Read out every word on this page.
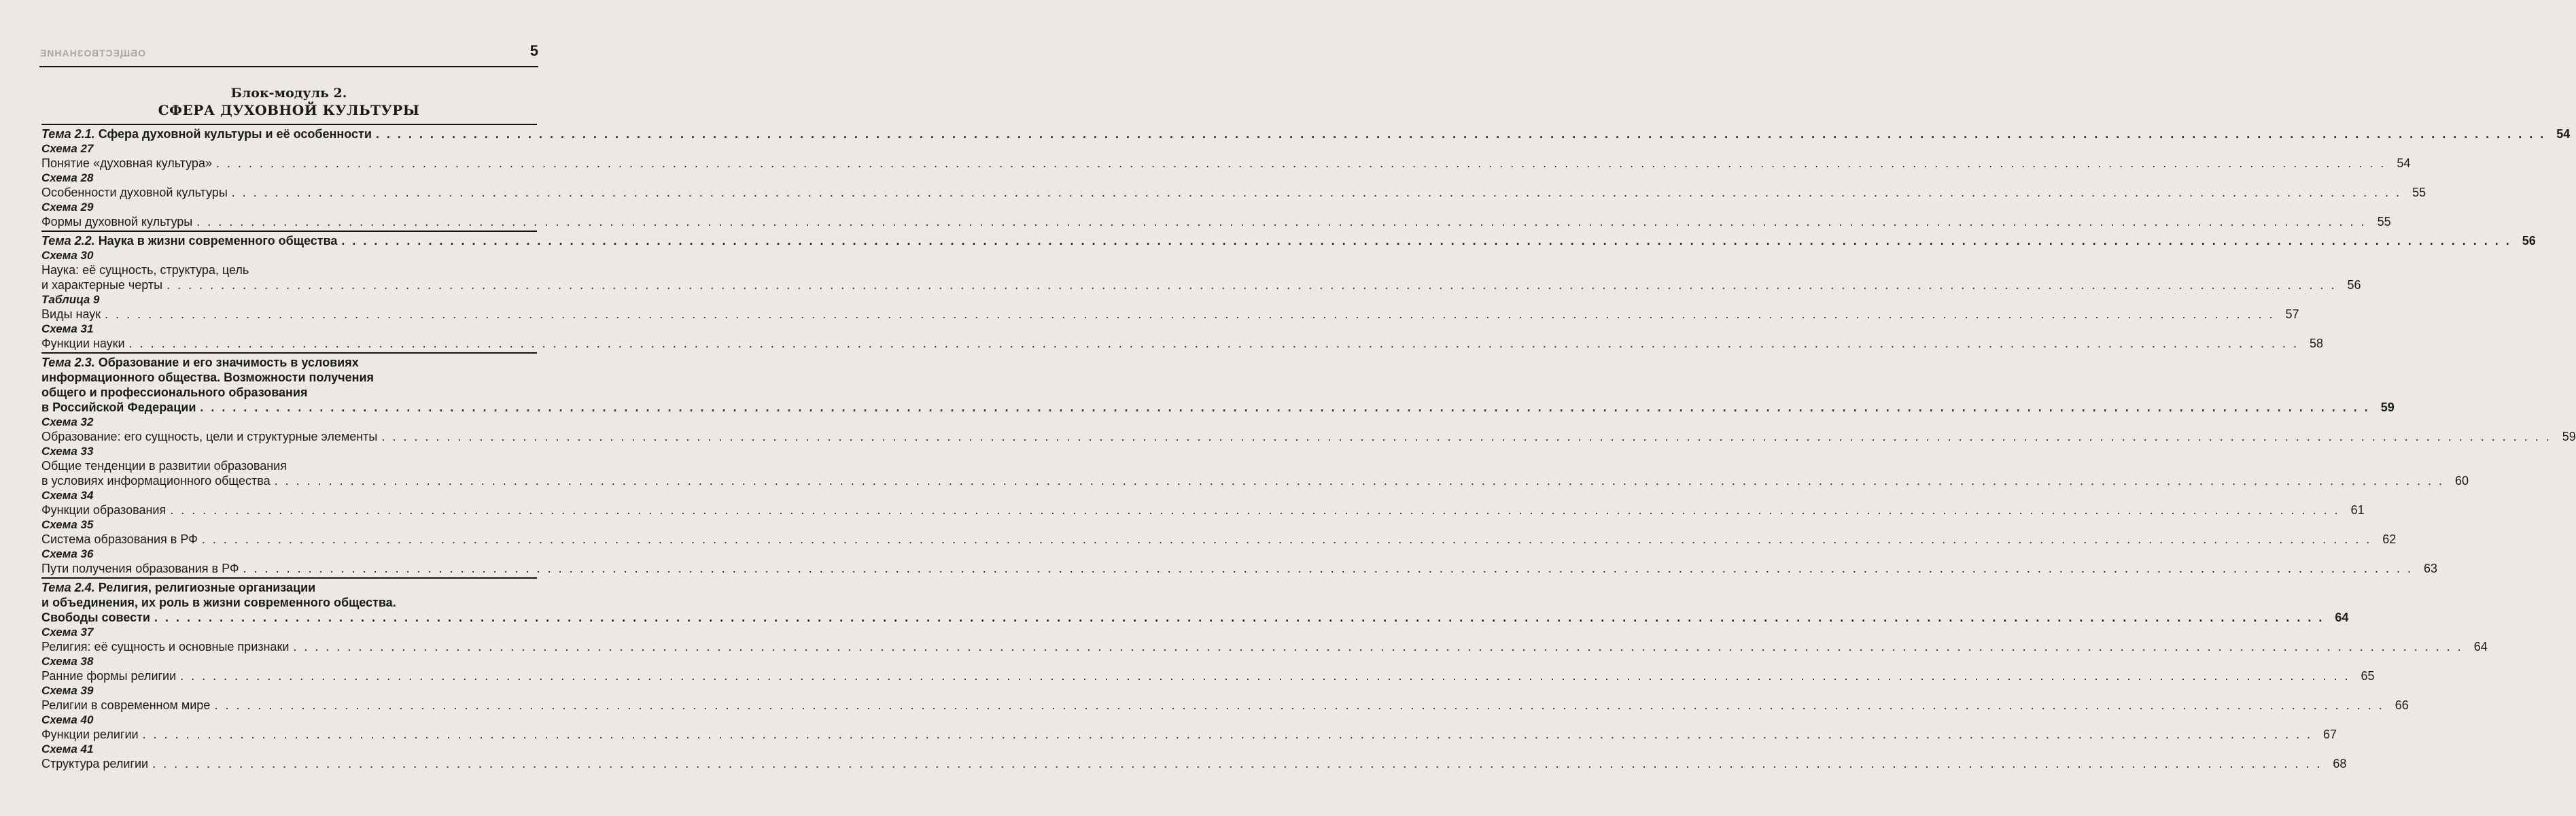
ОБЩЕСТВОЗНАНИЕ	5
Блок-модуль 2.
СФЕРА ДУХОВНОЙ КУЛЬТУРЫ
Тема 2.1. Сфера духовной культуры и её особенности . . . . . . . . . . . . . . . . . . . . . . . . . . . . . . . . . . . . . . . . . . . . . . . . . . . . . . . . . . . . . . . . . . . . . . . . . . . . . . . . . . . . . . . . . . . . . . . . . . . . . . . . . . . . . . . . . . . . . . . . . . . . . . . . . . . . . . . . . . . . . . . . . . . . . . . . . . . . . . . . . . . . . . . . . . . . . . . . . . . . . . . . . . . . . . . . . . . . . . . . 54
Схема 27
Понятие «духовная культура» . . . . . . . . . . . . . . . . . . . . . . . . . . . . . . . . . . . . . . . . . . . . . . . . . . . . . . . . . . . . . . . . . . . . . . . . . . . . . . . . . . . . . . . . . . . . . . . . . . . . . . . . . . . . . . . . . . . . . . . . . . . . . . . . . . . . . . . . . . . . . . . . . . . . . . . . . . . . . . . . . . . . . . . . . . . . . . . . . . . . . . . . . . . . . . . . . . . . . . . . 54
Схема 28
Особенности духовной культуры . . . . . . . . . . . . . . . . . . . . . . . . . . . . . . . . . . . . . . . . . . . . . . . . . . . . . . . . . . . . . . . . . . . . . . . . . . . . . . . . . . . . . . . . . . . . . . . . . . . . . . . . . . . . . . . . . . . . . . . . . . . . . . . . . . . . . . . . . . . . . . . . . . . . . . . . . . . . . . . . . . . . . . . . . . . . . . . . . . . . . . . . . . . . . . . . . . . . . . . . 55
Схема 29
Формы духовной культуры . . . . . . . . . . . . . . . . . . . . . . . . . . . . . . . . . . . . . . . . . . . . . . . . . . . . . . . . . . . . . . . . . . . . . . . . . . . . . . . . . . . . . . . . . . . . . . . . . . . . . . . . . . . . . . . . . . . . . . . . . . . . . . . . . . . . . . . . . . . . . . . . . . . . . . . . . . . . . . . . . . . . . . . . . . . . . . . . . . . . . . . . . . . . . . . . . . . . . . . . 55
Тема 2.2. Наука в жизни современного общества . . . . . . . . . . . . . . . . . . . . . . . . . . . . . . . . . . . . . . . . . . . . . . . . . . . . . . . . . . . . . . . . . . . . . . . . . . . . . . . . . . . . . . . . . . . . . . . . . . . . . . . . . . . . . . . . . . . . . . . . . . . . . . . . . . . . . . . . . . . . . . . . . . . . . . . . . . . . . . . . . . . . . . . . . . . . . . . . . . . . . . . . . . . . . . . . . . . . . . . . 56
Схема 30
Наука: её сущность, структура, цель
и характерные черты . . . . . . . . . . . . . . . . . . . . . . . . . . . . . . . . . . . . . . . . . . . . . . . . . . . . . . . . . . . . . . . . . . . . . . . . . . . . . . . . . . . . . . . . . . . . . . . . . . . . . . . . . . . . . . . . . . . . . . . . . . . . . . . . . . . . . . . . . . . . . . . . . . . . . . . . . . . . . . . . . . . . . . . . . . . . . . . . . . . . . . . . . . . . . . . . . . . . . . . . 56
Таблица 9
Виды наук . . . . . . . . . . . . . . . . . . . . . . . . . . . . . . . . . . . . . . . . . . . . . . . . . . . . . . . . . . . . . . . . . . . . . . . . . . . . . . . . . . . . . . . . . . . . . . . . . . . . . . . . . . . . . . . . . . . . . . . . . . . . . . . . . . . . . . . . . . . . . . . . . . . . . . . . . . . . . . . . . . . . . . . . . . . . . . . . . . . . . . . . . . . . . . . . . . . . . . . . 57
Схема 31
Функции науки . . . . . . . . . . . . . . . . . . . . . . . . . . . . . . . . . . . . . . . . . . . . . . . . . . . . . . . . . . . . . . . . . . . . . . . . . . . . . . . . . . . . . . . . . . . . . . . . . . . . . . . . . . . . . . . . . . . . . . . . . . . . . . . . . . . . . . . . . . . . . . . . . . . . . . . . . . . . . . . . . . . . . . . . . . . . . . . . . . . . . . . . . . . . . . . . . . . . . . . . 58
Тема 2.3. Образование и его значимость в условиях
информационного общества. Возможности получения
общего и профессионального образования
в Российской Федерации . . . . . . . . . . . . . . . . . . . . . . . . . . . . . . . . . . . . . . . . . . . . . . . . . . . . . . . . . . . . . . . . . . . . . . . . . . . . . . . . . . . . . . . . . . . . . . . . . . . . . . . . . . . . . . . . . . . . . . . . . . . . . . . . . . . . . . . . . . . . . . . . . . . . . . . . . . . . . . . . . . . . . . . . . . . . . . . . . . . . . . . . . . . . . . . . . . . . . . . . 59
Схема 32
Образование: его сущность, цели и структурные элементы . . . . . . . . . . . . . . . . . . . . . . . . . . . . . . . . . . . . . . . . . . . . . . . . . . . . . . . . . . . . . . . . . . . . . . . . . . . . . . . . . . . . . . . . . . . . . . . . . . . . . . . . . . . . . . . . . . . . . . . . . . . . . . . . . . . . . . . . . . . . . . . . . . . . . . . . . . . . . . . . . . . . . . . . . . . . . . . . . . . . . . . . . . . . . . . . . . . . . . . . 59
Схема 33
Общие тенденции в развитии образования
в условиях информационного общества . . . . . . . . . . . . . . . . . . . . . . . . . . . . . . . . . . . . . . . . . . . . . . . . . . . . . . . . . . . . . . . . . . . . . . . . . . . . . . . . . . . . . . . . . . . . . . . . . . . . . . . . . . . . . . . . . . . . . . . . . . . . . . . . . . . . . . . . . . . . . . . . . . . . . . . . . . . . . . . . . . . . . . . . . . . . . . . . . . . . . . . . . . . . . . . . . . . . . . . . 60
Схема 34
Функции образования . . . . . . . . . . . . . . . . . . . . . . . . . . . . . . . . . . . . . . . . . . . . . . . . . . . . . . . . . . . . . . . . . . . . . . . . . . . . . . . . . . . . . . . . . . . . . . . . . . . . . . . . . . . . . . . . . . . . . . . . . . . . . . . . . . . . . . . . . . . . . . . . . . . . . . . . . . . . . . . . . . . . . . . . . . . . . . . . . . . . . . . . . . . . . . . . . . . . . . . . 61
Схема 35
Система образования в РФ . . . . . . . . . . . . . . . . . . . . . . . . . . . . . . . . . . . . . . . . . . . . . . . . . . . . . . . . . . . . . . . . . . . . . . . . . . . . . . . . . . . . . . . . . . . . . . . . . . . . . . . . . . . . . . . . . . . . . . . . . . . . . . . . . . . . . . . . . . . . . . . . . . . . . . . . . . . . . . . . . . . . . . . . . . . . . . . . . . . . . . . . . . . . . . . . . . . . . . . . 62
Схема 36
Пути получения образования в РФ . . . . . . . . . . . . . . . . . . . . . . . . . . . . . . . . . . . . . . . . . . . . . . . . . . . . . . . . . . . . . . . . . . . . . . . . . . . . . . . . . . . . . . . . . . . . . . . . . . . . . . . . . . . . . . . . . . . . . . . . . . . . . . . . . . . . . . . . . . . . . . . . . . . . . . . . . . . . . . . . . . . . . . . . . . . . . . . . . . . . . . . . . . . . . . . . . . . . . . . . 63
Тема 2.4. Религия, религиозные организации
и объединения, их роль в жизни современного общества.
Свободы совести . . . . . . . . . . . . . . . . . . . . . . . . . . . . . . . . . . . . . . . . . . . . . . . . . . . . . . . . . . . . . . . . . . . . . . . . . . . . . . . . . . . . . . . . . . . . . . . . . . . . . . . . . . . . . . . . . . . . . . . . . . . . . . . . . . . . . . . . . . . . . . . . . . . . . . . . . . . . . . . . . . . . . . . . . . . . . . . . . . . . . . . . . . . . . . . . . . . . . . . . 64
Схема 37
Религия: её сущность и основные признаки . . . . . . . . . . . . . . . . . . . . . . . . . . . . . . . . . . . . . . . . . . . . . . . . . . . . . . . . . . . . . . . . . . . . . . . . . . . . . . . . . . . . . . . . . . . . . . . . . . . . . . . . . . . . . . . . . . . . . . . . . . . . . . . . . . . . . . . . . . . . . . . . . . . . . . . . . . . . . . . . . . . . . . . . . . . . . . . . . . . . . . . . . . . . . . . . . . . . . . . . 64
Схема 38
Ранние формы религии . . . . . . . . . . . . . . . . . . . . . . . . . . . . . . . . . . . . . . . . . . . . . . . . . . . . . . . . . . . . . . . . . . . . . . . . . . . . . . . . . . . . . . . . . . . . . . . . . . . . . . . . . . . . . . . . . . . . . . . . . . . . . . . . . . . . . . . . . . . . . . . . . . . . . . . . . . . . . . . . . . . . . . . . . . . . . . . . . . . . . . . . . . . . . . . . . . . . . . . . 65
Схема 39
Религии в современном мире . . . . . . . . . . . . . . . . . . . . . . . . . . . . . . . . . . . . . . . . . . . . . . . . . . . . . . . . . . . . . . . . . . . . . . . . . . . . . . . . . . . . . . . . . . . . . . . . . . . . . . . . . . . . . . . . . . . . . . . . . . . . . . . . . . . . . . . . . . . . . . . . . . . . . . . . . . . . . . . . . . . . . . . . . . . . . . . . . . . . . . . . . . . . . . . . . . . . . . . . 66
Схема 40
Функции религии . . . . . . . . . . . . . . . . . . . . . . . . . . . . . . . . . . . . . . . . . . . . . . . . . . . . . . . . . . . . . . . . . . . . . . . . . . . . . . . . . . . . . . . . . . . . . . . . . . . . . . . . . . . . . . . . . . . . . . . . . . . . . . . . . . . . . . . . . . . . . . . . . . . . . . . . . . . . . . . . . . . . . . . . . . . . . . . . . . . . . . . . . . . . . . . . . . . . . . . . 67
Схема 41
Структура религии . . . . . . . . . . . . . . . . . . . . . . . . . . . . . . . . . . . . . . . . . . . . . . . . . . . . . . . . . . . . . . . . . . . . . . . . . . . . . . . . . . . . . . . . . . . . . . . . . . . . . . . . . . . . . . . . . . . . . . . . . . . . . . . . . . . . . . . . . . . . . . . . . . . . . . . . . . . . . . . . . . . . . . . . . . . . . . . . . . . . . . . . . . . . . . . . . . . . . . . . 68
